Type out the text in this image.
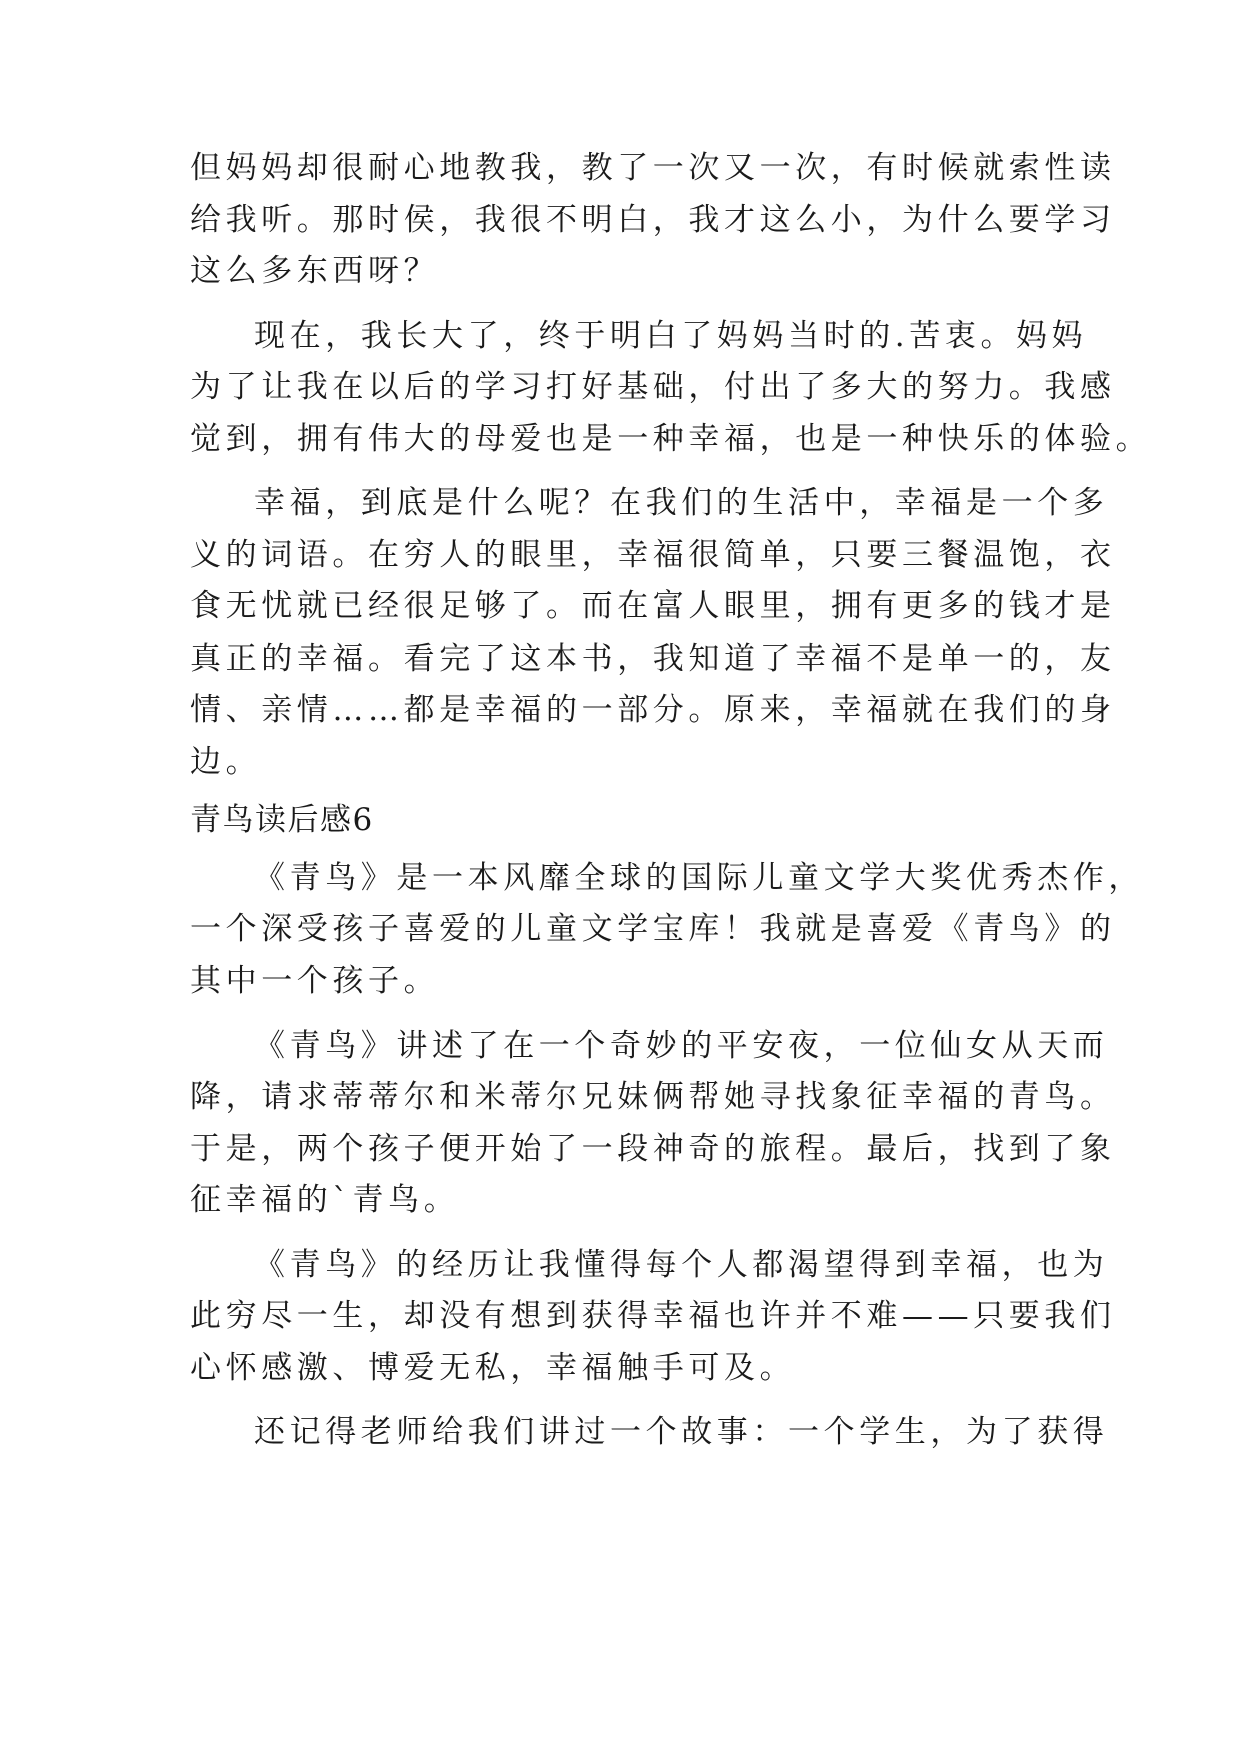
但妈妈却很耐心地教我，教了一次又一次，有时候就索性读
给我听。那时侯，我很不明白，我才这么小，为什么要学习
这么多东西呀？
现在，我长大了，终于明白了妈妈当时的.苦衷。妈妈
为了让我在以后的学习打好基础，付出了多大的努力。我感
觉到，拥有伟大的母爱也是一种幸福，也是一种快乐的体验。
幸福，到底是什么呢？在我们的生活中，幸福是一个多
义的词语。在穷人的眼里，幸福很简单，只要三餐温饱，衣
食无忧就已经很足够了。而在富人眼里，拥有更多的钱才是
真正的幸福。看完了这本书，我知道了幸福不是单一的，友
情、亲情……都是幸福的一部分。原来，幸福就在我们的身
边。
青鸟读后感6
《青鸟》是一本风靡全球的国际儿童文学大奖优秀杰作，
一个深受孩子喜爱的儿童文学宝库！我就是喜爱《青鸟》的
其中一个孩子。
《青鸟》讲述了在一个奇妙的平安夜，一位仙女从天而
降，请求蒂蒂尔和米蒂尔兄妹俩帮她寻找象征幸福的青鸟。
于是，两个孩子便开始了一段神奇的旅程。最后，找到了象
征幸福的`青鸟。
《青鸟》的经历让我懂得每个人都渴望得到幸福，也为
此穷尽一生，却没有想到获得幸福也许并不难——只要我们
心怀感激、博爱无私，幸福触手可及。
还记得老师给我们讲过一个故事：一个学生，为了获得
